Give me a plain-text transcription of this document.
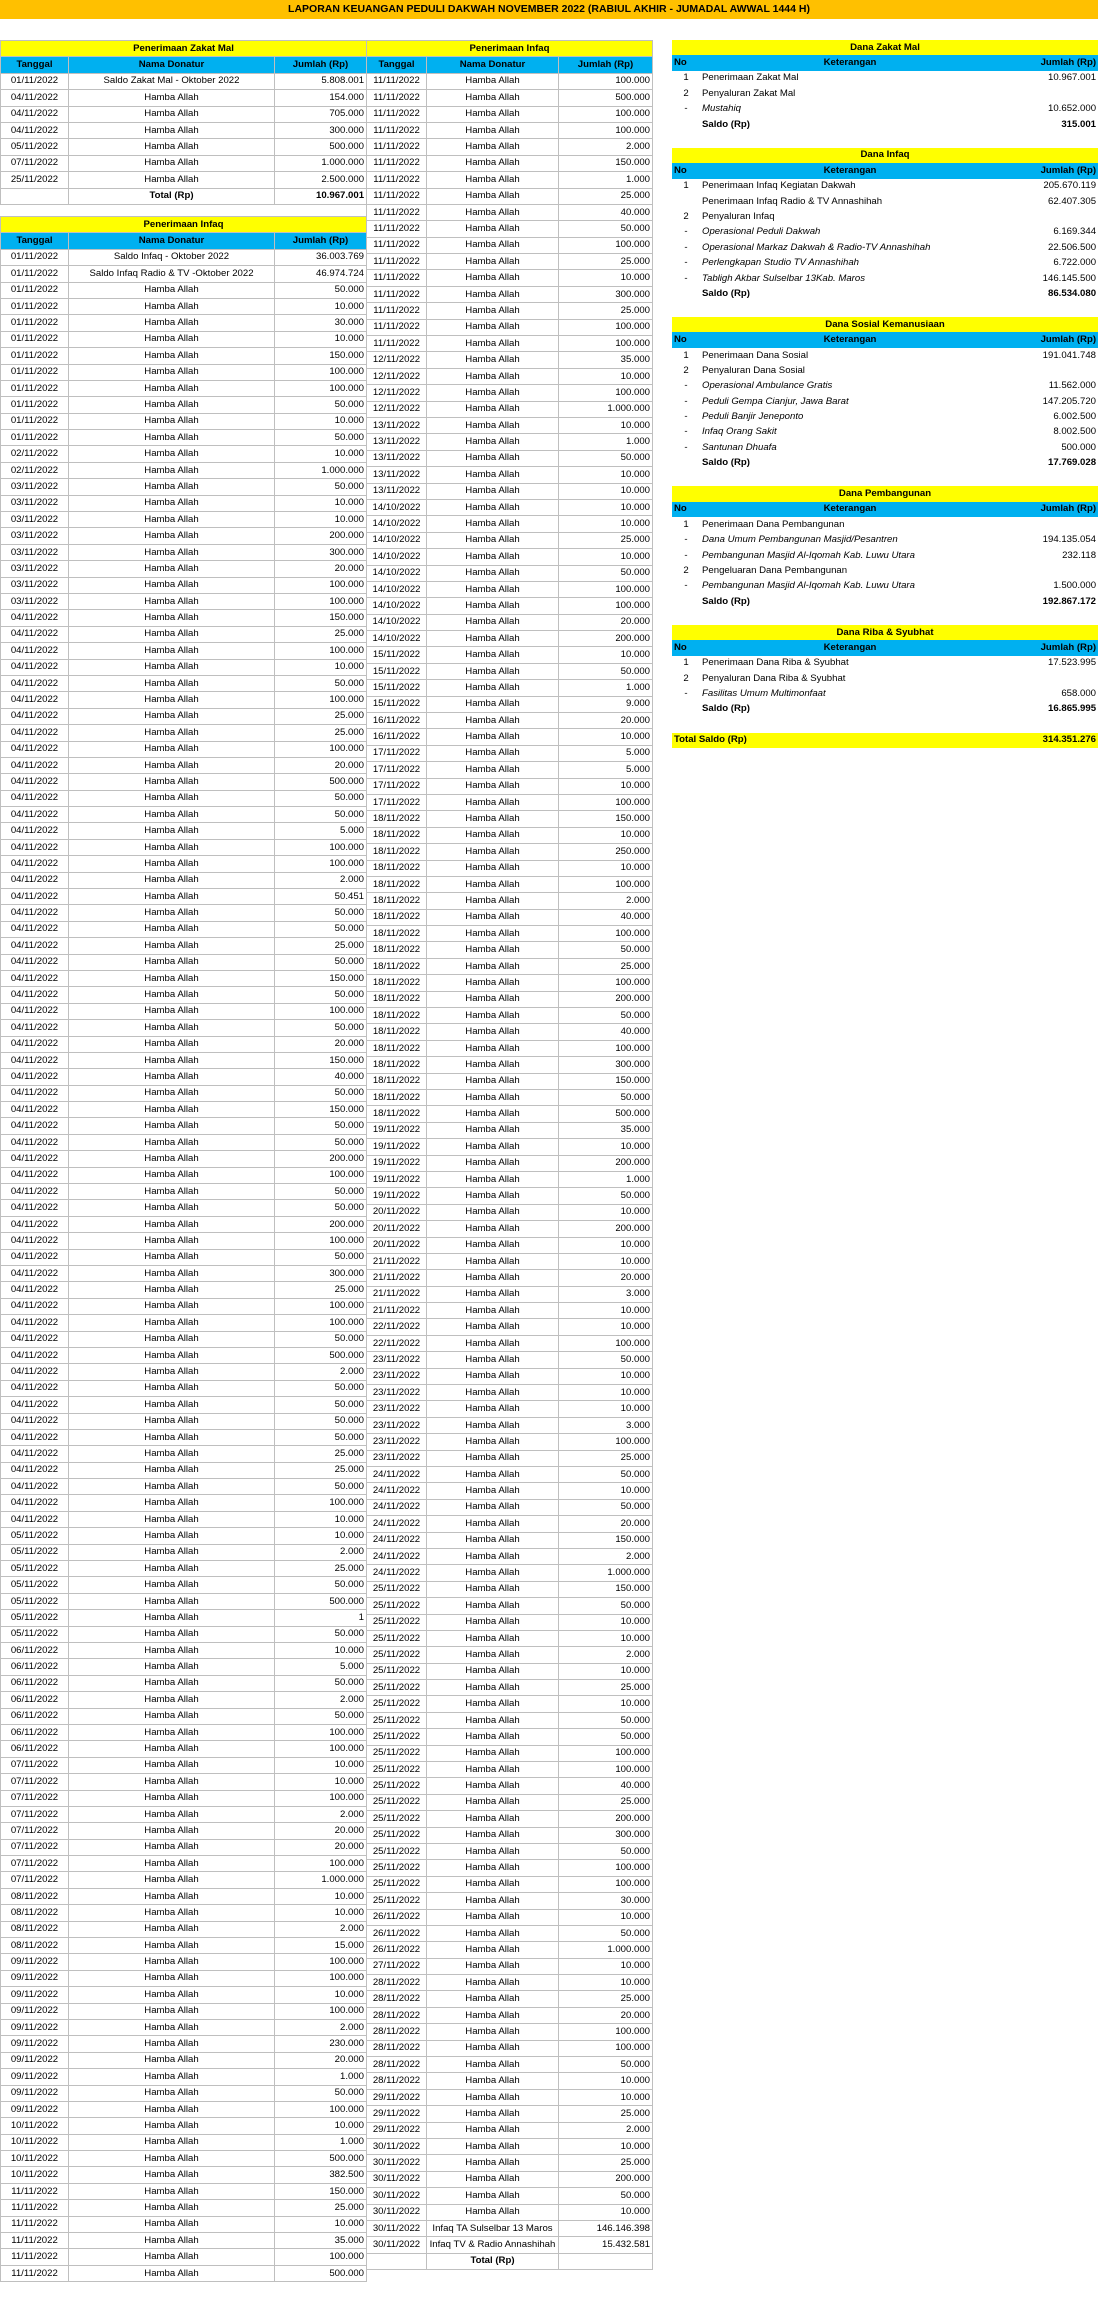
LAPORAN KEUANGAN PEDULI DAKWAH NOVEMBER 2022 (RABIUL AKHIR - JUMADAL AWWAL 1444 H)
Penerimaan Zakat Mal		
Tanggal	Nama Donatur	Jumlah (Rp)
01/11/2022	Saldo Zakat Mal - Oktober 2022	5.808.001
04/11/2022	Hamba Allah	154.000
04/11/2022	Hamba Allah	705.000
04/11/2022	Hamba Allah	300.000
05/11/2022	Hamba Allah	500.000
07/11/2022	Hamba Allah	1.000.000
25/11/2022	Hamba Allah	2.500.000
	Total (Rp)	10.967.001
Penerimaan Infaq		
Tanggal	Nama Donatur	Jumlah (Rp)
01/11/2022	Saldo Infaq - Oktober 2022	36.003.769
01/11/2022	Saldo Infaq Radio & TV -Oktober 2022	46.974.724
01/11/2022	Hamba Allah	50.000
01/11/2022	Hamba Allah	10.000
01/11/2022	Hamba Allah	30.000
01/11/2022	Hamba Allah	10.000
01/11/2022	Hamba Allah	150.000
01/11/2022	Hamba Allah	100.000
01/11/2022	Hamba Allah	100.000
01/11/2022	Hamba Allah	50.000
01/11/2022	Hamba Allah	10.000
01/11/2022	Hamba Allah	50.000
02/11/2022	Hamba Allah	10.000
02/11/2022	Hamba Allah	1.000.000
03/11/2022	Hamba Allah	50.000
03/11/2022	Hamba Allah	10.000
03/11/2022	Hamba Allah	10.000
03/11/2022	Hamba Allah	200.000
03/11/2022	Hamba Allah	300.000
03/11/2022	Hamba Allah	20.000
03/11/2022	Hamba Allah	100.000
03/11/2022	Hamba Allah	100.000
04/11/2022	Hamba Allah	150.000
04/11/2022	Hamba Allah	25.000
04/11/2022	Hamba Allah	100.000
04/11/2022	Hamba Allah	10.000
04/11/2022	Hamba Allah	50.000
04/11/2022	Hamba Allah	100.000
04/11/2022	Hamba Allah	25.000
04/11/2022	Hamba Allah	25.000
04/11/2022	Hamba Allah	100.000
04/11/2022	Hamba Allah	20.000
04/11/2022	Hamba Allah	500.000
04/11/2022	Hamba Allah	50.000
04/11/2022	Hamba Allah	50.000
04/11/2022	Hamba Allah	5.000
04/11/2022	Hamba Allah	100.000
04/11/2022	Hamba Allah	100.000
04/11/2022	Hamba Allah	2.000
04/11/2022	Hamba Allah	50.451
04/11/2022	Hamba Allah	50.000
04/11/2022	Hamba Allah	50.000
04/11/2022	Hamba Allah	25.000
04/11/2022	Hamba Allah	50.000
04/11/2022	Hamba Allah	150.000
04/11/2022	Hamba Allah	50.000
04/11/2022	Hamba Allah	100.000
04/11/2022	Hamba Allah	50.000
04/11/2022	Hamba Allah	20.000
04/11/2022	Hamba Allah	150.000
04/11/2022	Hamba Allah	40.000
04/11/2022	Hamba Allah	50.000
04/11/2022	Hamba Allah	150.000
04/11/2022	Hamba Allah	50.000
04/11/2022	Hamba Allah	50.000
04/11/2022	Hamba Allah	200.000
04/11/2022	Hamba Allah	100.000
04/11/2022	Hamba Allah	50.000
04/11/2022	Hamba Allah	50.000
04/11/2022	Hamba Allah	200.000
04/11/2022	Hamba Allah	100.000
04/11/2022	Hamba Allah	50.000
04/11/2022	Hamba Allah	300.000
04/11/2022	Hamba Allah	25.000
04/11/2022	Hamba Allah	100.000
04/11/2022	Hamba Allah	100.000
04/11/2022	Hamba Allah	50.000
04/11/2022	Hamba Allah	500.000
04/11/2022	Hamba Allah	2.000
04/11/2022	Hamba Allah	50.000
04/11/2022	Hamba Allah	50.000
04/11/2022	Hamba Allah	50.000
04/11/2022	Hamba Allah	50.000
04/11/2022	Hamba Allah	25.000
04/11/2022	Hamba Allah	25.000
04/11/2022	Hamba Allah	50.000
04/11/2022	Hamba Allah	100.000
04/11/2022	Hamba Allah	10.000
05/11/2022	Hamba Allah	10.000
05/11/2022	Hamba Allah	2.000
05/11/2022	Hamba Allah	25.000
05/11/2022	Hamba Allah	50.000
05/11/2022	Hamba Allah	500.000
05/11/2022	Hamba Allah	1
05/11/2022	Hamba Allah	50.000
06/11/2022	Hamba Allah	10.000
06/11/2022	Hamba Allah	5.000
06/11/2022	Hamba Allah	50.000
06/11/2022	Hamba Allah	2.000
06/11/2022	Hamba Allah	50.000
06/11/2022	Hamba Allah	100.000
06/11/2022	Hamba Allah	100.000
07/11/2022	Hamba Allah	10.000
07/11/2022	Hamba Allah	10.000
07/11/2022	Hamba Allah	100.000
07/11/2022	Hamba Allah	2.000
07/11/2022	Hamba Allah	20.000
07/11/2022	Hamba Allah	20.000
07/11/2022	Hamba Allah	100.000
07/11/2022	Hamba Allah	1.000.000
08/11/2022	Hamba Allah	10.000
08/11/2022	Hamba Allah	10.000
08/11/2022	Hamba Allah	2.000
08/11/2022	Hamba Allah	15.000
09/11/2022	Hamba Allah	100.000
09/11/2022	Hamba Allah	100.000
09/11/2022	Hamba Allah	10.000
09/11/2022	Hamba Allah	100.000
09/11/2022	Hamba Allah	2.000
09/11/2022	Hamba Allah	230.000
09/11/2022	Hamba Allah	20.000
09/11/2022	Hamba Allah	1.000
09/11/2022	Hamba Allah	50.000
09/11/2022	Hamba Allah	100.000
10/11/2022	Hamba Allah	10.000
10/11/2022	Hamba Allah	1.000
10/11/2022	Hamba Allah	500.000
10/11/2022	Hamba Allah	382.500
11/11/2022	Hamba Allah	150.000
11/11/2022	Hamba Allah	25.000
11/11/2022	Hamba Allah	10.000
11/11/2022	Hamba Allah	35.000
11/11/2022	Hamba Allah	100.000
11/11/2022	Hamba Allah	500.000
Penerimaan Infaq		
Tanggal	Nama Donatur	Jumlah (Rp)
11/11/2022	Hamba Allah	100.000
11/11/2022	Hamba Allah	500.000
11/11/2022	Hamba Allah	100.000
11/11/2022	Hamba Allah	100.000
11/11/2022	Hamba Allah	2.000
11/11/2022	Hamba Allah	150.000
11/11/2022	Hamba Allah	1.000
11/11/2022	Hamba Allah	25.000
11/11/2022	Hamba Allah	40.000
11/11/2022	Hamba Allah	50.000
11/11/2022	Hamba Allah	100.000
11/11/2022	Hamba Allah	25.000
11/11/2022	Hamba Allah	10.000
11/11/2022	Hamba Allah	300.000
11/11/2022	Hamba Allah	25.000
11/11/2022	Hamba Allah	100.000
11/11/2022	Hamba Allah	100.000
12/11/2022	Hamba Allah	35.000
12/11/2022	Hamba Allah	10.000
12/11/2022	Hamba Allah	100.000
12/11/2022	Hamba Allah	1.000.000
13/11/2022	Hamba Allah	10.000
13/11/2022	Hamba Allah	1.000
13/11/2022	Hamba Allah	50.000
13/11/2022	Hamba Allah	10.000
13/11/2022	Hamba Allah	10.000
14/10/2022	Hamba Allah	10.000
14/10/2022	Hamba Allah	10.000
14/10/2022	Hamba Allah	25.000
14/10/2022	Hamba Allah	10.000
14/10/2022	Hamba Allah	50.000
14/10/2022	Hamba Allah	100.000
14/10/2022	Hamba Allah	100.000
14/10/2022	Hamba Allah	20.000
14/10/2022	Hamba Allah	200.000
15/11/2022	Hamba Allah	10.000
15/11/2022	Hamba Allah	50.000
15/11/2022	Hamba Allah	1.000
15/11/2022	Hamba Allah	9.000
16/11/2022	Hamba Allah	20.000
16/11/2022	Hamba Allah	10.000
17/11/2022	Hamba Allah	5.000
17/11/2022	Hamba Allah	5.000
17/11/2022	Hamba Allah	10.000
17/11/2022	Hamba Allah	100.000
18/11/2022	Hamba Allah	150.000
18/11/2022	Hamba Allah	10.000
18/11/2022	Hamba Allah	250.000
18/11/2022	Hamba Allah	10.000
18/11/2022	Hamba Allah	100.000
18/11/2022	Hamba Allah	2.000
18/11/2022	Hamba Allah	40.000
18/11/2022	Hamba Allah	100.000
18/11/2022	Hamba Allah	50.000
18/11/2022	Hamba Allah	25.000
18/11/2022	Hamba Allah	100.000
18/11/2022	Hamba Allah	200.000
18/11/2022	Hamba Allah	50.000
18/11/2022	Hamba Allah	40.000
18/11/2022	Hamba Allah	100.000
18/11/2022	Hamba Allah	300.000
18/11/2022	Hamba Allah	150.000
18/11/2022	Hamba Allah	50.000
18/11/2022	Hamba Allah	500.000
19/11/2022	Hamba Allah	35.000
19/11/2022	Hamba Allah	10.000
19/11/2022	Hamba Allah	200.000
19/11/2022	Hamba Allah	1.000
19/11/2022	Hamba Allah	50.000
20/11/2022	Hamba Allah	10.000
20/11/2022	Hamba Allah	200.000
20/11/2022	Hamba Allah	10.000
21/11/2022	Hamba Allah	10.000
21/11/2022	Hamba Allah	20.000
21/11/2022	Hamba Allah	3.000
21/11/2022	Hamba Allah	10.000
22/11/2022	Hamba Allah	10.000
22/11/2022	Hamba Allah	100.000
23/11/2022	Hamba Allah	50.000
23/11/2022	Hamba Allah	10.000
23/11/2022	Hamba Allah	10.000
23/11/2022	Hamba Allah	10.000
23/11/2022	Hamba Allah	3.000
23/11/2022	Hamba Allah	100.000
23/11/2022	Hamba Allah	25.000
24/11/2022	Hamba Allah	50.000
24/11/2022	Hamba Allah	10.000
24/11/2022	Hamba Allah	50.000
24/11/2022	Hamba Allah	20.000
24/11/2022	Hamba Allah	150.000
24/11/2022	Hamba Allah	2.000
24/11/2022	Hamba Allah	1.000.000
25/11/2022	Hamba Allah	150.000
25/11/2022	Hamba Allah	50.000
25/11/2022	Hamba Allah	10.000
25/11/2022	Hamba Allah	10.000
25/11/2022	Hamba Allah	2.000
25/11/2022	Hamba Allah	10.000
25/11/2022	Hamba Allah	25.000
25/11/2022	Hamba Allah	10.000
25/11/2022	Hamba Allah	50.000
25/11/2022	Hamba Allah	50.000
25/11/2022	Hamba Allah	100.000
25/11/2022	Hamba Allah	100.000
25/11/2022	Hamba Allah	40.000
25/11/2022	Hamba Allah	25.000
25/11/2022	Hamba Allah	200.000
25/11/2022	Hamba Allah	300.000
25/11/2022	Hamba Allah	50.000
25/11/2022	Hamba Allah	100.000
25/11/2022	Hamba Allah	100.000
25/11/2022	Hamba Allah	30.000
26/11/2022	Hamba Allah	10.000
26/11/2022	Hamba Allah	50.000
26/11/2022	Hamba Allah	1.000.000
27/11/2022	Hamba Allah	10.000
28/11/2022	Hamba Allah	10.000
28/11/2022	Hamba Allah	25.000
28/11/2022	Hamba Allah	20.000
28/11/2022	Hamba Allah	100.000
28/11/2022	Hamba Allah	100.000
28/11/2022	Hamba Allah	50.000
28/11/2022	Hamba Allah	10.000
29/11/2022	Hamba Allah	10.000
29/11/2022	Hamba Allah	25.000
29/11/2022	Hamba Allah	2.000
30/11/2022	Hamba Allah	10.000
30/11/2022	Hamba Allah	25.000
30/11/2022	Hamba Allah	200.000
30/11/2022	Hamba Allah	50.000
30/11/2022	Hamba Allah	10.000
30/11/2022	Infaq TA Sulselbar 13 Maros	146.146.398
30/11/2022	Infaq TV & Radio Annashihah	15.432.581
	Total (Rp)	
Dana Zakat Mal		
No	Keterangan	Jumlah (Rp)
1	Penerimaan Zakat Mal	10.967.001
2	Penyaluran Zakat Mal	
-	Mustahiq	10.652.000
	Saldo (Rp)	315.001

Dana Infaq		
No	Keterangan	Jumlah (Rp)
1	Penerimaan Infaq Kegiatan Dakwah	205.670.119
	Penerimaan Infaq Radio & TV Annashihah	62.407.305
2	Penyaluran Infaq	
-	Operasional Peduli Dakwah	6.169.344
-	Operasional Markaz Dakwah & Radio-TV Annashihah	22.506.500
-	Perlengkapan Studio TV Annashihah	6.722.000
-	Tabligh Akbar Sulselbar 13Kab. Maros	146.145.500
	Saldo (Rp)	86.534.080

Dana Sosial Kemanusiaan		
No	Keterangan	Jumlah (Rp)
1	Penerimaan Dana Sosial	191.041.748
2	Penyaluran Dana Sosial	
-	Operasional Ambulance Gratis	11.562.000
-	Peduli Gempa Cianjur, Jawa Barat	147.205.720
-	Peduli Banjir Jeneponto	6.002.500
-	Infaq Orang Sakit	8.002.500
-	Santunan Dhuafa	500.000
	Saldo (Rp)	17.769.028

Dana Pembangunan		
No	Keterangan	Jumlah (Rp)
1	Penerimaan Dana Pembangunan	
-	Dana Umum Pembangunan Masjid/Pesantren	194.135.054
-	Pembangunan Masjid Al-Iqomah Kab. Luwu Utara	232.118
2	Pengeluaran Dana Pembangunan	
-	Pembangunan Masjid Al-Iqomah Kab. Luwu Utara	1.500.000
	Saldo (Rp)	192.867.172

Dana Riba & Syubhat		
No	Keterangan	Jumlah (Rp)
1	Penerimaan Dana Riba & Syubhat	17.523.995
2	Penyaluran Dana Riba & Syubhat	
-	Fasilitas Umum Multimonfaat	658.000
	Saldo (Rp)	16.865.995

Total Saldo (Rp)		314.351.276
